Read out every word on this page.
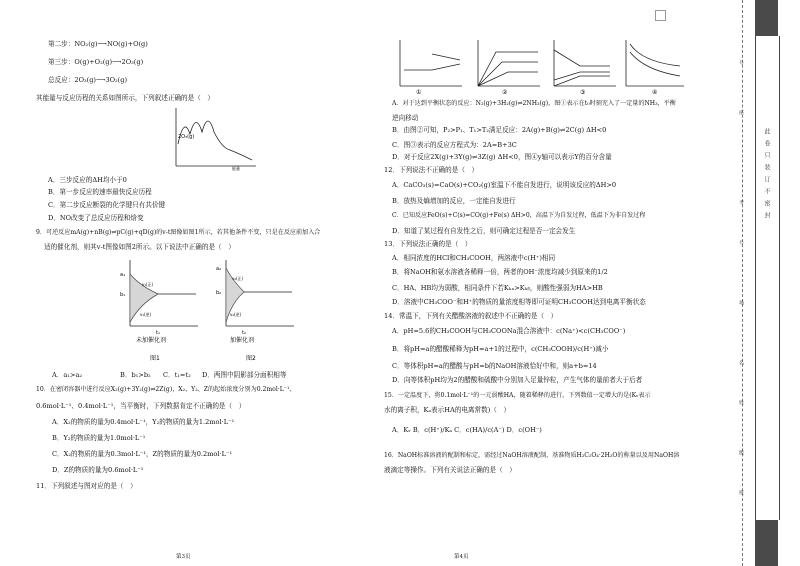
第二步：NO₂(g)⟶NO(g)+O(g)
第三步：O(g)+O₂(g)⟶2O₃(g)
总反应：2O₃(g)⟶3O₂(g)
其能量与反应历程的关系如图所示，下列叙述正确的是（　）
2O₃(g)
能量
A．三步反应的ΔH均小于0
B．第一步反应的速率最快反应历程
C．第二步反应断裂的化学键只有共价键
D．NO改变了总反应历程和焓变
9．可逆反应mA(g)+nB(g)⇌pC(g)+qD(g)的v-t图像如图1所示，若其他条件不变，只是在反应前加入合
适的催化剂，则其v-t图像如图2所示。以下说法中正确的是（　）
a₁
b₁
v₁(正)
v₁(逆)
t₁
a₂
b₂
v₂(正)
v₂(逆)
t₂
未加催化剂	加催化剂
图1	图2
A．a₁>a₂	B．b₁>b₂ C．t₁=t₂ D．两图中阴影部分面积相等
10．在密闭容器中进行反应X₂(g)+3Y₂(g)⇌2Z(g)，X₂、Y₂、Z的起始浓度分别为0.2mol·L⁻¹、
0.6mol·L⁻¹、0.4mol·L⁻¹，当平衡时，下列数据肯定不正确的是（　）
A．X₂的物质的量为0.4mol·L⁻¹，Y₂的物质的量为1.2mol·L⁻¹
B．Y₂的物质的量为1.0mol·L⁻¹
C．X₂的物质的量为0.3mol·L⁻¹，Z的物质的量为0.2mol·L⁻¹
D．Z的物质的量为0.6mol·L⁻¹
11．下列叙述与图对应的是（　）
第3页
①	②	③	④
A．对于达到平衡状态的反应：N₂(g)+3H₂(g)⇌2NH₃(g)，图①表示在t₀时刻充入了一定量的NH₃，平衡
逆向移动
B．由图②可知，P₂>P₁、T₁>T₂满足反应：2A(g)+B(g)⇌2C(g) ΔH<0
C．图③表示的反应方程式为：2A=B+3C
D．对于反应2X(g)+3Y(g)⇌3Z(g) ΔH<0，图④y轴可以表示Y的百分含量
12．下列说法不正确的是（　）
A．CaCO₃(s)=CaO(s)+CO₂(g)室温下不能自发进行，说明该反应的ΔH>0
B．放热及熵增加的反应，一定能自发进行
C．已知反应FeO(s)+C(s)=CO(g)+Fe(s) ΔH>0，高温下为自发过程，低温下为非自发过程
D．知道了某过程有自发性之后，则可确定过程是否一定会发生
13．下列说法正确的是（　）
A．相同浓度的HCl和CH₃COOH，两溶液中c(H⁺)相同
B．将NaOH和氨水溶液各稀释一倍，两者的OH⁻浓度均减少到原来的1/2
C．HA、HB均为弱酸，相同条件下若Kₕₐ>Kₕᵦ，则酸性强弱为HA>HB
D．溶液中CH₃COO⁻和H⁺的物质的量浓度相等即可证明CH₃COOH达到电离平衡状态
14．常温下，下列有关醋酸溶液的叙述中不正确的是（　）
A．pH=5.6的CH₃COOH与CH₃COONa混合溶液中：c(Na⁺)<c(CH₃COO⁻)
B．将pH=a的醋酸稀释为pH=a+1的过程中，c(CH₃COOH)/c(H⁺)减小
C．等体积pH=a的醋酸与pH=b的NaOH溶液恰好中和，则a+b=14
D．向等体积pH均为2的醋酸和硫酸中分别加入足量锌粒，产生气体的量前者大于后者
15．一定温度下，将0.1mol·L⁻¹的一元弱酸HA，随着稀释的进行，下列数值一定增大的是(Kᵥ表示
水的离子积，Kₐ表示HA的电离常数)（　）
A．Kᵥ B．c(H⁺)/Kₐ C．c(HA)/c(A⁻) D．c(OH⁻)
16．NaOH标准溶液的配制和标定，需经过NaOH溶液配制、基准物质H₂C₂O₄·2H₂O的称量以及用NaOH溶
液滴定等操作。下列有关说法正确的是（　）
第4页
此卷只装订不密封
号
座
考
号
场
名
姓
级
班
